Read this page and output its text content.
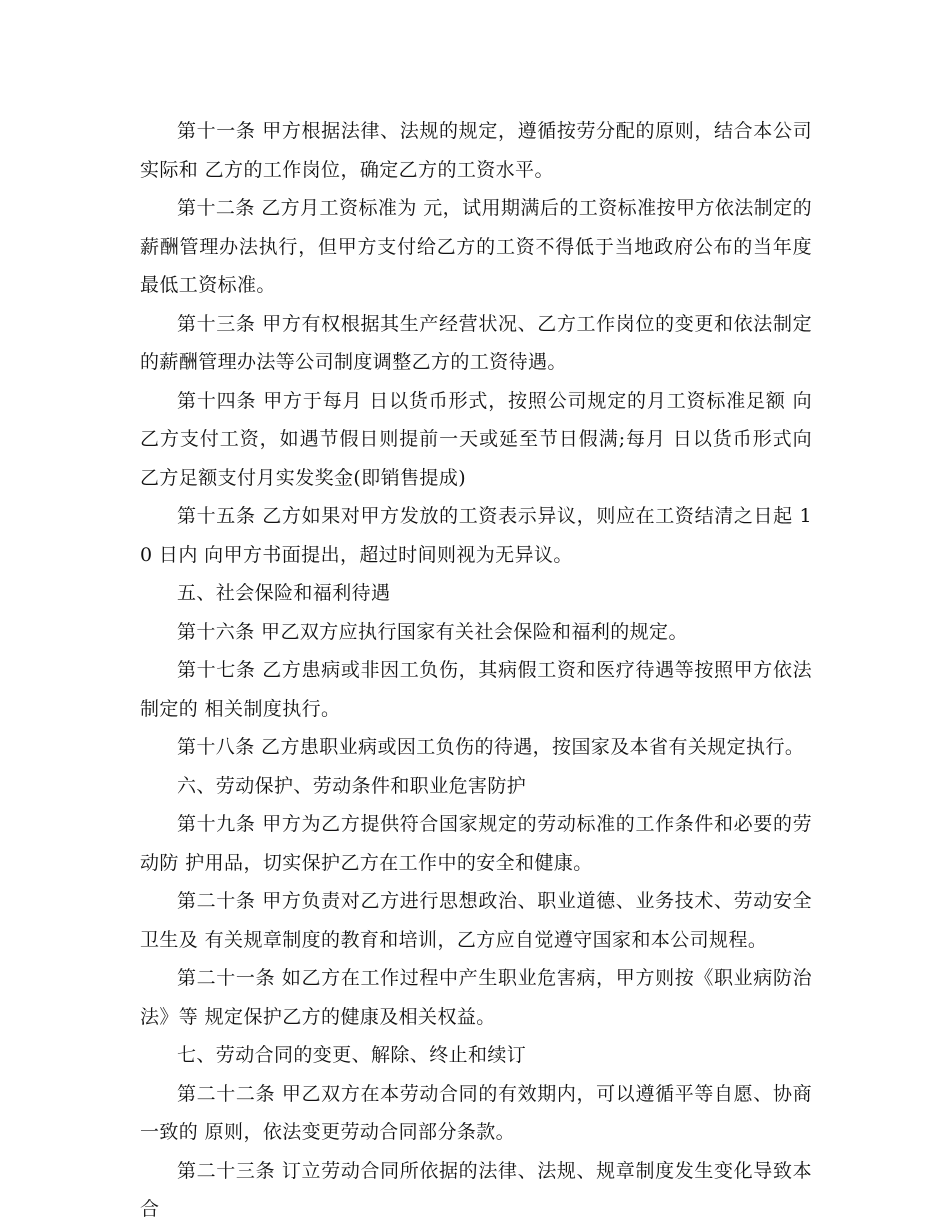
第十一条 甲方根据法律、法规的规定，遵循按劳分配的原则，结合本公司实际和 乙方的工作岗位，确定乙方的工资水平。

第十二条 乙方月工资标准为 元，试用期满后的工资标准按甲方依法制定的薪酬管理办法执行，但甲方支付给乙方的工资不得低于当地政府公布的当年度最低工资标准。

第十三条 甲方有权根据其生产经营状况、乙方工作岗位的变更和依法制定的薪酬管理办法等公司制度调整乙方的工资待遇。

第十四条 甲方于每月 日以货币形式，按照公司规定的月工资标准足额 向乙方支付工资，如遇节假日则提前一天或延至节日假满;每月 日以货币形式向乙方足额支付月实发奖金(即销售提成)

第十五条 乙方如果对甲方发放的工资表示异议，则应在工资结清之日起 10 日内 向甲方书面提出，超过时间则视为无异议。

五、社会保险和福利待遇

第十六条 甲乙双方应执行国家有关社会保险和福利的规定。

第十七条 乙方患病或非因工负伤，其病假工资和医疗待遇等按照甲方依法制定的 相关制度执行。

第十八条 乙方患职业病或因工负伤的待遇，按国家及本省有关规定执行。

六、劳动保护、劳动条件和职业危害防护

第十九条 甲方为乙方提供符合国家规定的劳动标准的工作条件和必要的劳动防 护用品，切实保护乙方在工作中的安全和健康。

第二十条 甲方负责对乙方进行思想政治、职业道德、业务技术、劳动安全卫生及 有关规章制度的教育和培训，乙方应自觉遵守国家和本公司规程。

第二十一条 如乙方在工作过程中产生职业危害病，甲方则按《职业病防治法》等 规定保护乙方的健康及相关权益。

七、劳动合同的变更、解除、终止和续订

第二十二条 甲乙双方在本劳动合同的有效期内，可以遵循平等自愿、协商一致的 原则，依法变更劳动合同部分条款。

第二十三条 订立劳动合同所依据的法律、法规、规章制度发生变化导致本合
